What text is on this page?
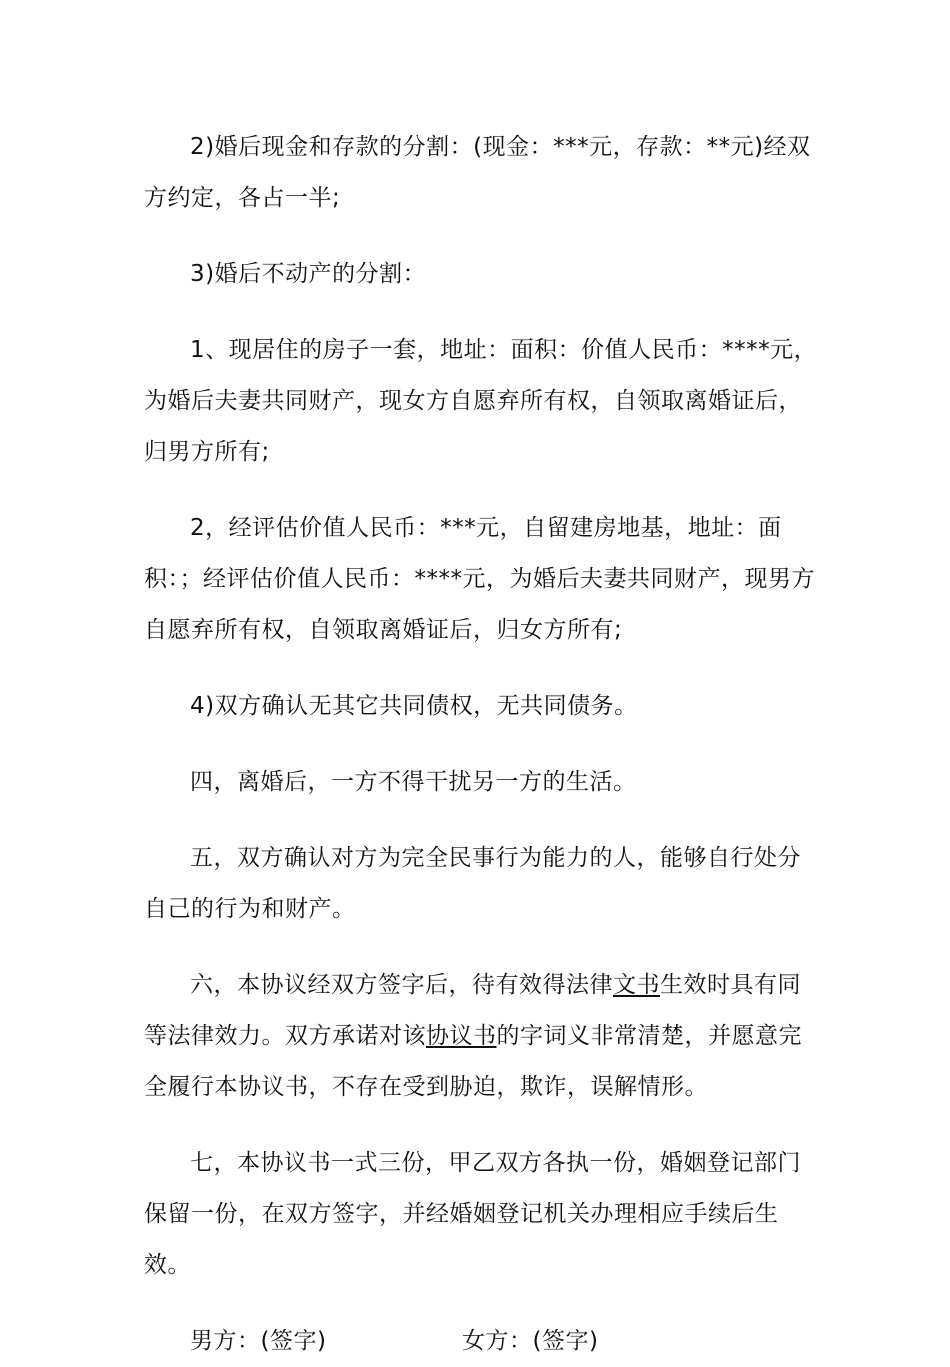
2)婚后现金和存款的分割：(现金：***元，存款：**元)经双方约定，各占一半;

3)婚后不动产的分割：

1、现居住的房子一套，地址：面积：价值人民币：****元，为婚后夫妻共同财产，现女方自愿弃所有权，自领取离婚证后，归男方所有;

2，经评估价值人民币：***元，自留建房地基，地址：面积：；经评估价值人民币：****元，为婚后夫妻共同财产，现男方自愿弃所有权，自领取离婚证后，归女方所有;

4)双方确认无其它共同债权，无共同债务。

四，离婚后，一方不得干扰另一方的生活。

五，双方确认对方为完全民事行为能力的人，能够自行处分自己的行为和财产。

六，本协议经双方签字后，待有效得法律文书生效时具有同等法律效力。双方承诺对该协议书的字词义非常清楚，并愿意完全履行本协议书，不存在受到胁迫，欺诈，误解情形。

七，本协议书一式三份，甲乙双方各执一份，婚姻登记部门保留一份，在双方签字，并经婚姻登记机关办理相应手续后生效。

男方：(签字)	女方：(签字)
